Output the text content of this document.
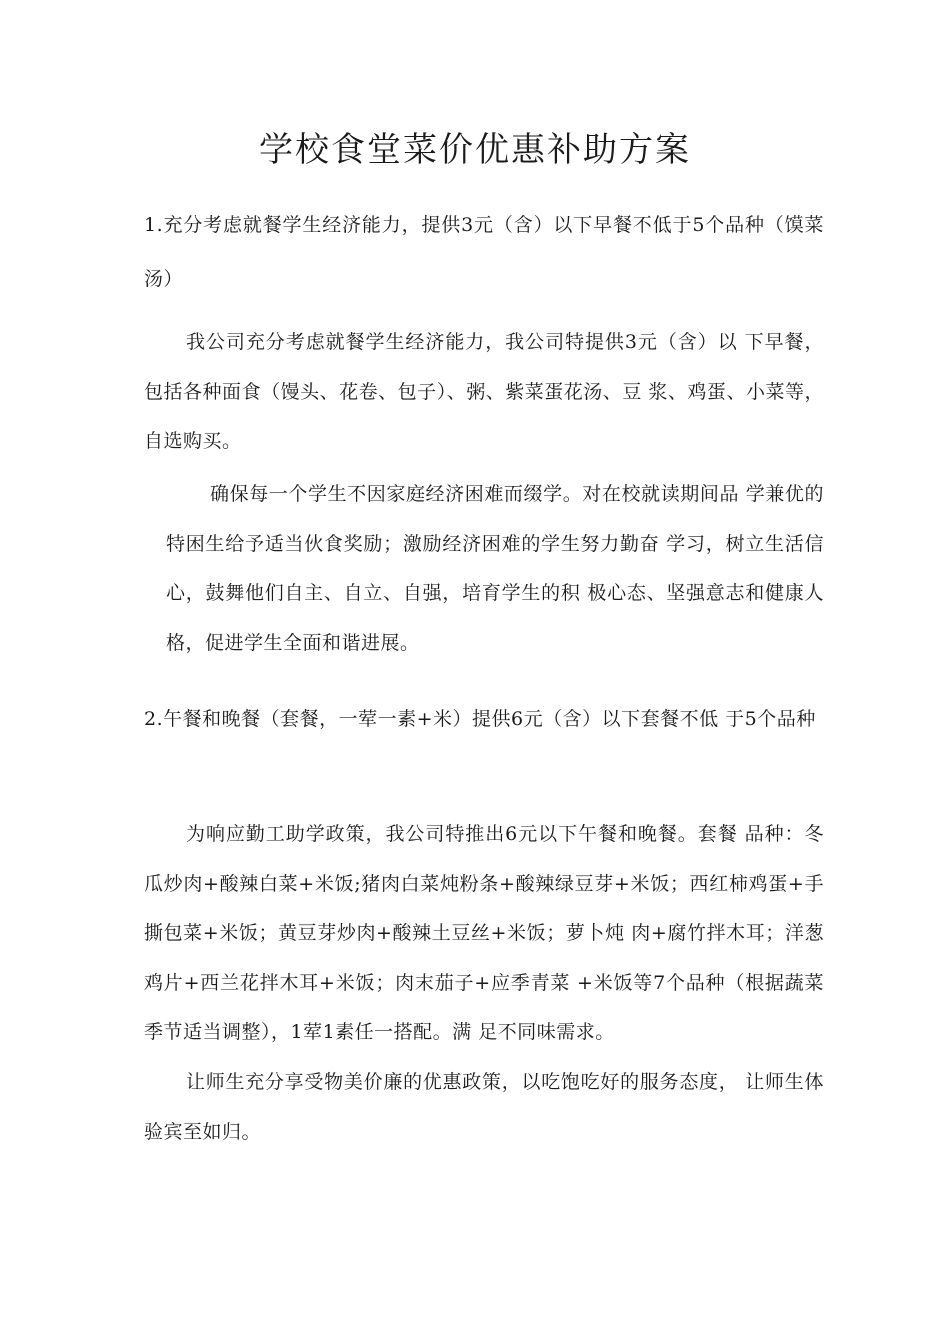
学校食堂菜价优惠补助方案
1.充分考虑就餐学生经济能力，提供3元（含）以下早餐不低于5个品种（馍菜汤）
我公司充分考虑就餐学生经济能力，我公司特提供3元（含）以 下早餐，包括各种面食（馒头、花卷、包子）、粥、紫菜蛋花汤、豆 浆、鸡蛋、小菜等，自选购买。
确保每一个学生不因家庭经济困难而缀学。对在校就读期间品 学兼优的特困生给予适当伙食奖励；激励经济困难的学生努力勤奋 学习，树立生活信心，鼓舞他们自主、自立、自强，培育学生的积 极心态、坚强意志和健康人格，促进学生全面和谐进展。
2.午餐和晚餐（套餐，一荤一素+米）提供6元（含）以下套餐不低 于5个品种
为响应勤工助学政策，我公司特推出6元以下午餐和晚餐。套餐 品种：冬瓜炒肉+酸辣白菜+米饭;猪肉白菜炖粉条+酸辣绿豆芽+米饭；西红柿鸡蛋+手撕包菜+米饭；黄豆芽炒肉+酸辣土豆丝+米饭；萝卜炖 肉+腐竹拌木耳；洋葱鸡片+西兰花拌木耳+米饭；肉末茄子+应季青菜 +米饭等7个品种（根据蔬菜季节适当调整），1荤1素任一搭配。满 足不同味需求。
让师生充分享受物美价廉的优惠政策，以吃饱吃好的服务态度， 让师生体验宾至如归。
